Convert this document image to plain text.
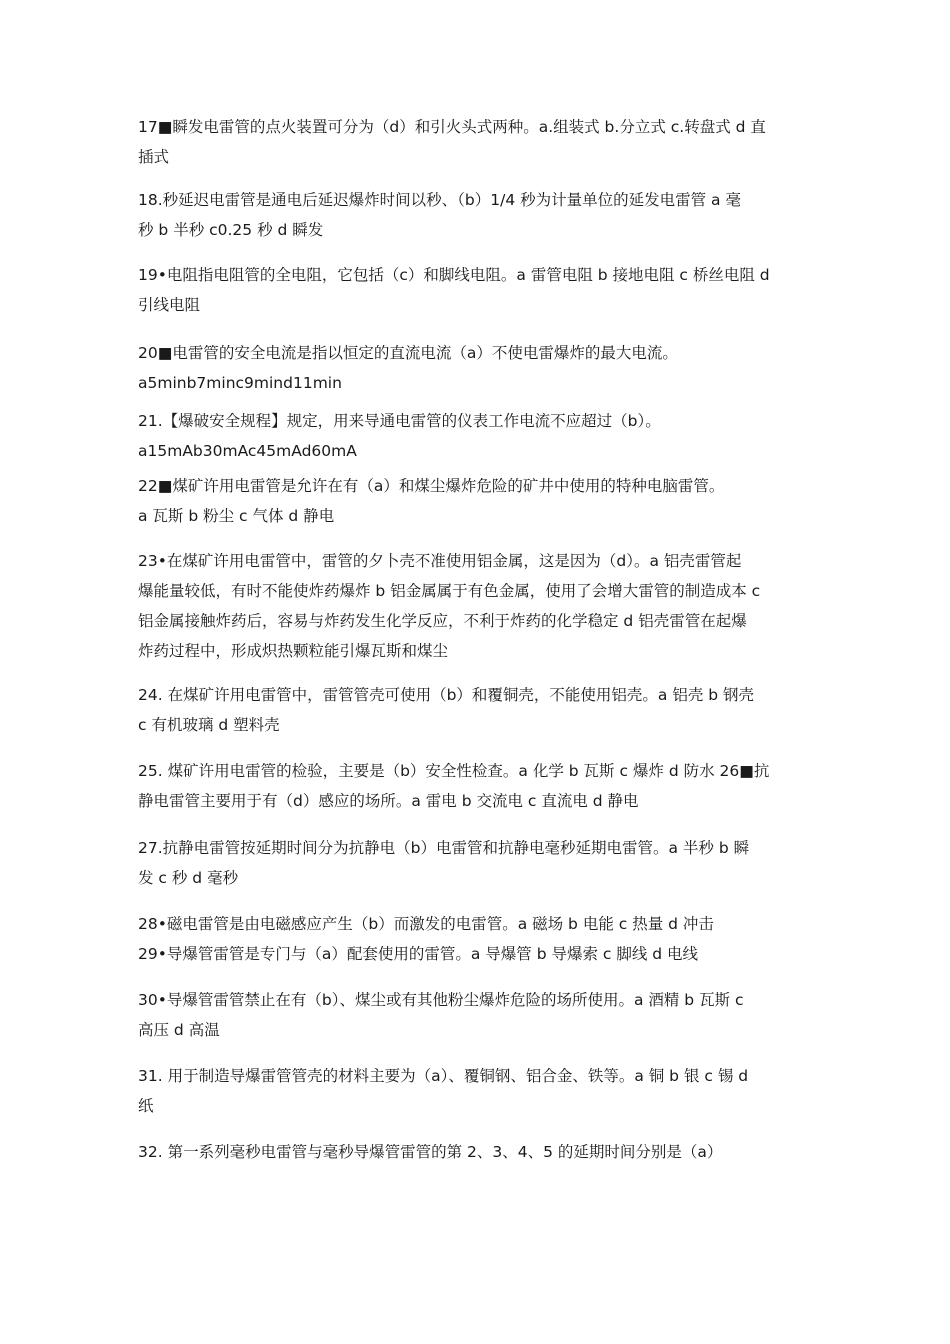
17■瞬发电雷管的点火装置可分为（d）和引火头式两种。a.组装式 b.分立式 c.转盘式 d 直
插式
18.秒延迟电雷管是通电后延迟爆炸时间以秒、（b）1/4 秒为计量单位的延发电雷管 a 毫
秒 b 半秒 c0.25 秒 d 瞬发
19•电阻指电阻管的全电阻，它包括（c）和脚线电阻。a 雷管电阻 b 接地电阻 c 桥丝电阻 d
引线电阻
20■电雷管的安全电流是指以恒定的直流电流（a）不使电雷爆炸的最大电流。
a5minb7minc9mind11min
21.【爆破安全规程】规定，用来导通电雷管的仪表工作电流不应超过（b）。
a15mAb30mAc45mAd60mA
22■煤矿许用电雷管是允许在有（a）和煤尘爆炸危险的矿井中使用的特种电脑雷管。
a 瓦斯 b 粉尘 c 气体 d 静电
23•在煤矿许用电雷管中，雷管的夕卜壳不准使用铝金属，这是因为（d）。a 铝壳雷管起
爆能量较低，有时不能使炸药爆炸 b 铝金属属于有色金属，使用了会增大雷管的制造成本 c
铝金属接触炸药后，容易与炸药发生化学反应，不利于炸药的化学稳定 d 铝壳雷管在起爆
炸药过程中，形成炽热颗粒能引爆瓦斯和煤尘
24. 在煤矿许用电雷管中，雷管管壳可使用（b）和覆铜壳，不能使用铝壳。a 铝壳 b 钢壳
c 有机玻璃 d 塑料壳
25. 煤矿许用电雷管的检验，主要是（b）安全性检查。a 化学 b 瓦斯 c 爆炸 d 防水 26■抗
静电雷管主要用于有（d）感应的场所。a 雷电 b 交流电 c 直流电 d 静电
27.抗静电雷管按延期时间分为抗静电（b）电雷管和抗静电毫秒延期电雷管。a 半秒 b 瞬
发 c 秒 d 毫秒
28•磁电雷管是由电磁感应产生（b）而激发的电雷管。a 磁场 b 电能 c 热量 d 冲击
29•导爆管雷管是专门与（a）配套使用的雷管。a 导爆管 b 导爆索 c 脚线 d 电线
30•导爆管雷管禁止在有（b）、煤尘或有其他粉尘爆炸危险的场所使用。a 酒精 b 瓦斯 c
高压 d 高温
31. 用于制造导爆雷管管壳的材料主要为（a）、覆铜钢、铝合金、铁等。a 铜 b 银 c 锡 d
纸
32. 第一系列毫秒电雷管与毫秒导爆管雷管的第 2、3、4、5 的延期时间分别是（a）
